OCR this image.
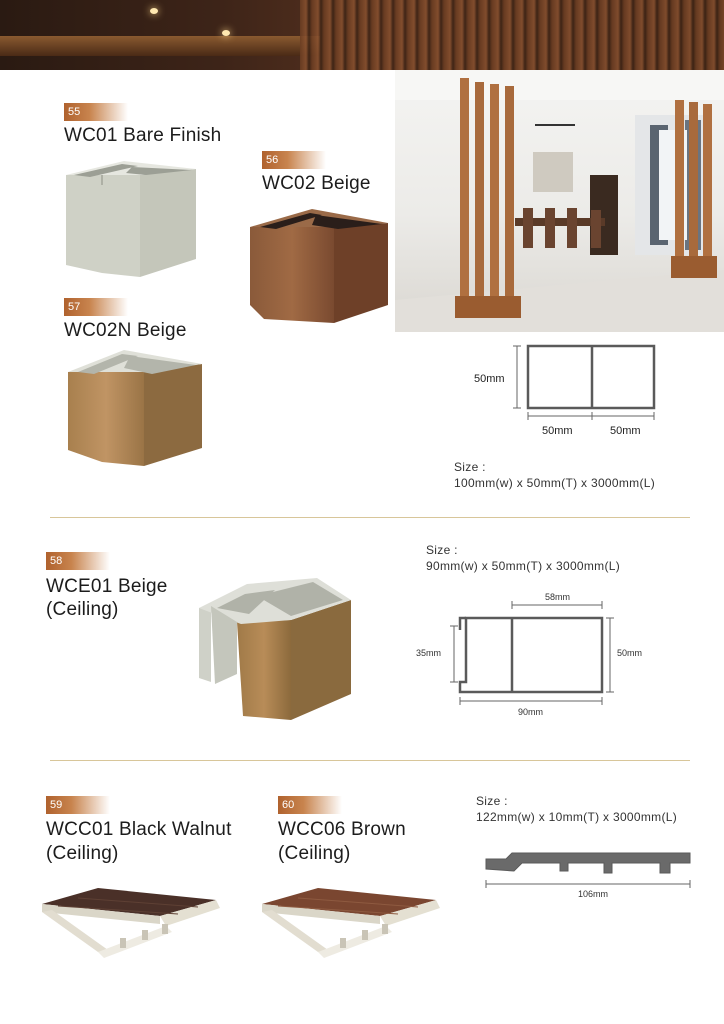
55
WC01 Bare Finish
56
WC02 Beige
57
WC02N Beige
50mm
50mm	50mm
Size :
100mm(w) x 50mm(T) x 3000mm(L)
58
WCE01 Beige
(Ceiling)
Size :
90mm(w) x 50mm(T) x 3000mm(L)
58mm
35mm	50mm
90mm
59
WCC01 Black Walnut
(Ceiling)
60
WCC06 Brown
(Ceiling)
Size :
122mm(w) x 10mm(T) x 3000mm(L)
106mm
